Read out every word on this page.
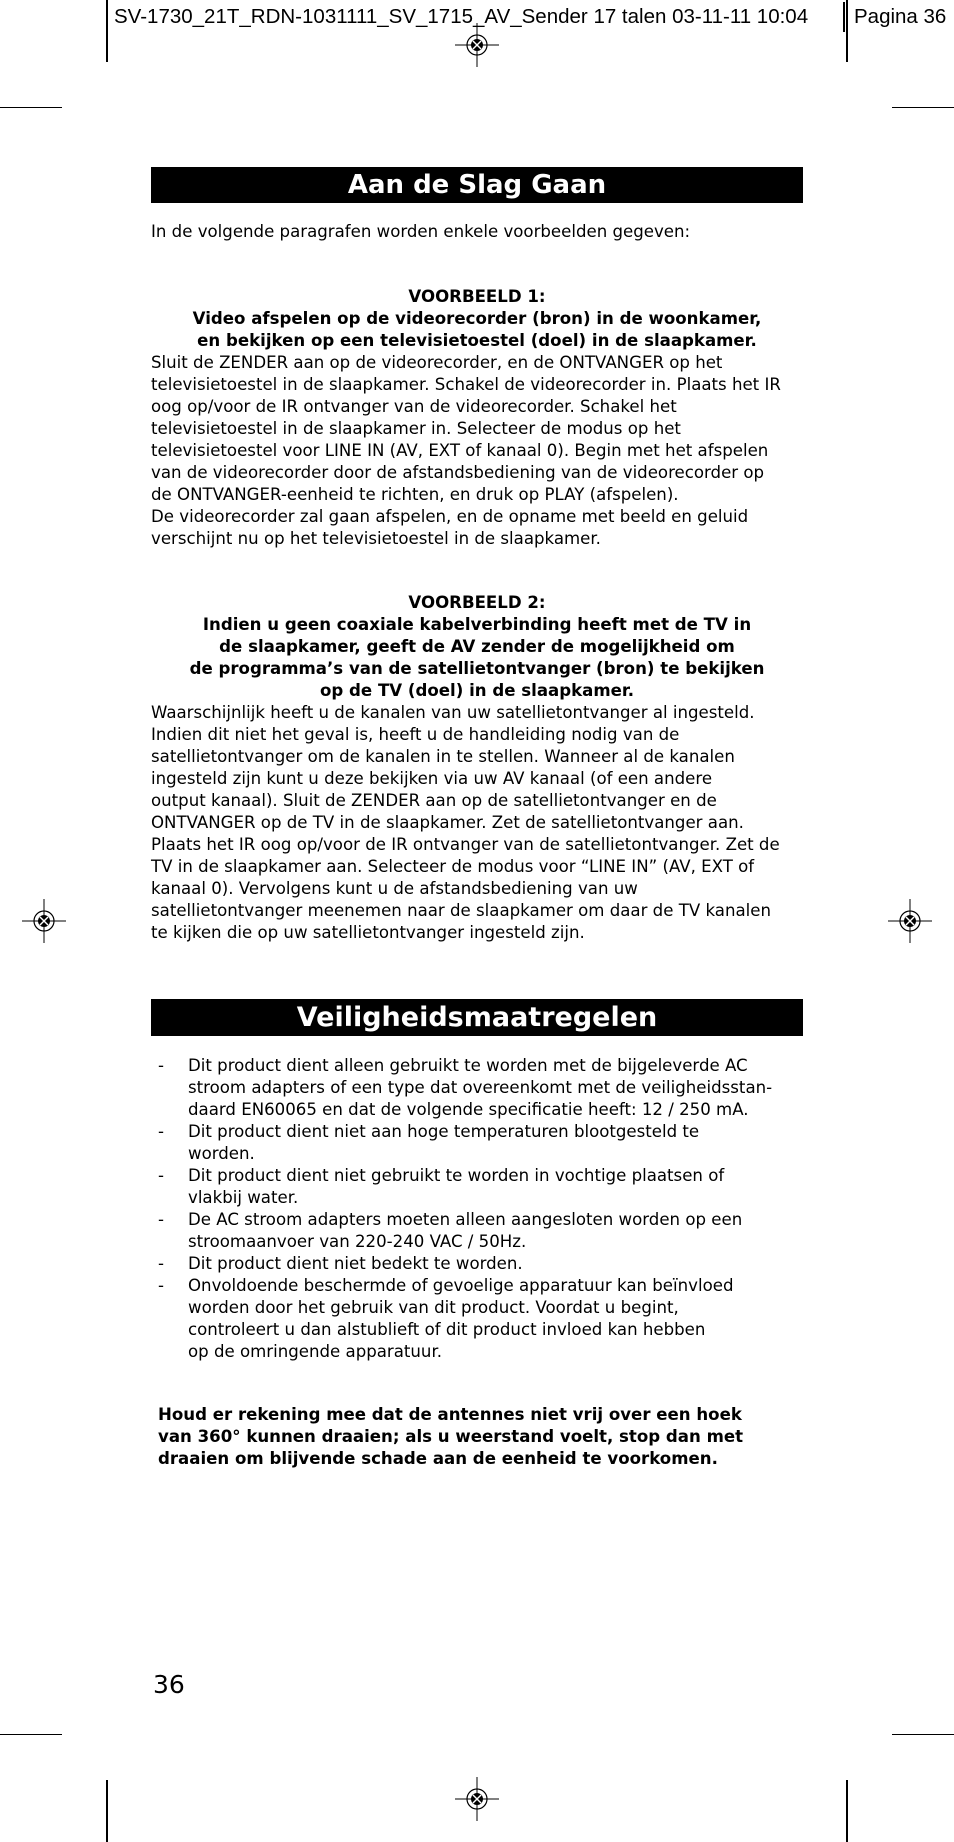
SV-1730_21T_RDN-1031111_SV_1715_AV_Sender 17 talen 03-11-11 10:04 Pagina 36
Aan de Slag Gaan
In de volgende paragrafen worden enkele voorbeelden gegeven:
VOORBEELD 1:
Video afspelen op de videorecorder (bron) in de woonkamer,
en bekijken op een televisietoestel (doel) in de slaapkamer.
Sluit de ZENDER aan op de videorecorder, en de ONTVANGER op het
televisietoestel in de slaapkamer. Schakel de videorecorder in. Plaats het IR
oog op/voor de IR ontvanger van de videorecorder. Schakel het
televisietoestel in de slaapkamer in. Selecteer de modus op het
televisietoestel voor LINE IN (AV, EXT of kanaal 0). Begin met het afspelen
van de videorecorder door de afstandsbediening van de videorecorder op
de ONTVANGER-eenheid te richten, en druk op PLAY (afspelen).
De videorecorder zal gaan afspelen, en de opname met beeld en geluid
verschijnt nu op het televisietoestel in de slaapkamer.
VOORBEELD 2:
Indien u geen coaxiale kabelverbinding heeft met de TV in
de slaapkamer, geeft de AV zender de mogelijkheid om
de programma’s van de satellietontvanger (bron) te bekijken
op de TV (doel) in de slaapkamer.
Waarschijnlijk heeft u de kanalen van uw satellietontvanger al ingesteld.
Indien dit niet het geval is, heeft u de handleiding nodig van de
satellietontvanger om de kanalen in te stellen. Wanneer al de kanalen
ingesteld zijn kunt u deze bekijken via uw AV kanaal (of een andere
output kanaal). Sluit de ZENDER aan op de satellietontvanger en de
ONTVANGER op de TV in de slaapkamer. Zet de satellietontvanger aan.
Plaats het IR oog op/voor de IR ontvanger van de satellietontvanger. Zet de
TV in de slaapkamer aan. Selecteer de modus voor “LINE IN” (AV, EXT of
kanaal 0). Vervolgens kunt u de afstandsbediening van uw
satellietontvanger meenemen naar de slaapkamer om daar de TV kanalen
te kijken die op uw satellietontvanger ingesteld zijn.
Veiligheidsmaatregelen
- Dit product dient alleen gebruikt te worden met de bijgeleverde AC
stroom adapters of een type dat overeenkomt met de veiligheidsstan-
daard EN60065 en dat de volgende specificatie heeft: 12 / 250 mA.
- Dit product dient niet aan hoge temperaturen blootgesteld te
worden.
- Dit product dient niet gebruikt te worden in vochtige plaatsen of
vlakbij water.
- De AC stroom adapters moeten alleen aangesloten worden op een
stroomaanvoer van 220-240 VAC / 50Hz.
- Dit product dient niet bedekt te worden.
- Onvoldoende beschermde of gevoelige apparatuur kan beïnvloed
worden door het gebruik van dit product. Voordat u begint,
controleert u dan alstublieft of dit product invloed kan hebben
op de omringende apparatuur.
Houd er rekening mee dat de antennes niet vrij over een hoek
van 360° kunnen draaien; als u weerstand voelt, stop dan met
draaien om blijvende schade aan de eenheid te voorkomen.
36
